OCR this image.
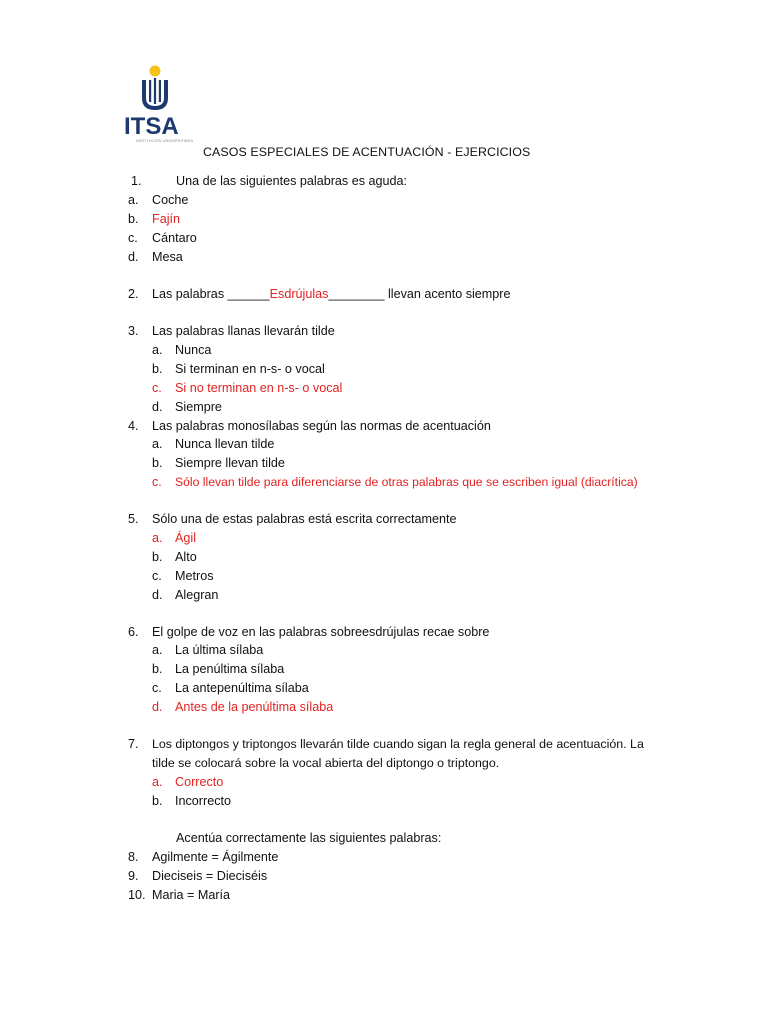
ITSA
INSTITUCIÓN UNIVERSITARIA
CASOS ESPECIALES DE ACENTUACIÓN - EJERCICIOS
1.	Una de las siguientes palabras es aguda:
a. Coche
b. Fajín
c. Cántaro
d. Mesa
2. Las palabras ______Esdrújulas________ llevan acento siempre
3. Las palabras llanas llevarán tilde
a. Nunca
b. Si terminan en n-s- o vocal
c. Si no terminan en n-s- o vocal
d. Siempre
4. Las palabras monosílabas según las normas de acentuación
a. Nunca llevan tilde
b. Siempre llevan tilde
c. Sólo llevan tilde para diferenciarse de otras palabras que se escriben igual (diacrítica)
5. Sólo una de estas palabras está escrita correctamente
a. Ágil
b. Alto
c. Metros
d. Alegran
6. El golpe de voz en las palabras sobreesdrújulas recae sobre
a. La última sílaba
b. La penúltima sílaba
c. La antepenúltima sílaba
d. Antes de la penúltima sílaba
7. Los diptongos y triptongos llevarán tilde cuando sigan la regla general de acentuación. La
tilde se colocará sobre la vocal abierta del diptongo o triptongo.
a. Correcto
b. Incorrecto
Acentúa correctamente las siguientes palabras:
8. Agilmente = Ágilmente
9. Dieciseis = Dieciséis
10. Maria = María
